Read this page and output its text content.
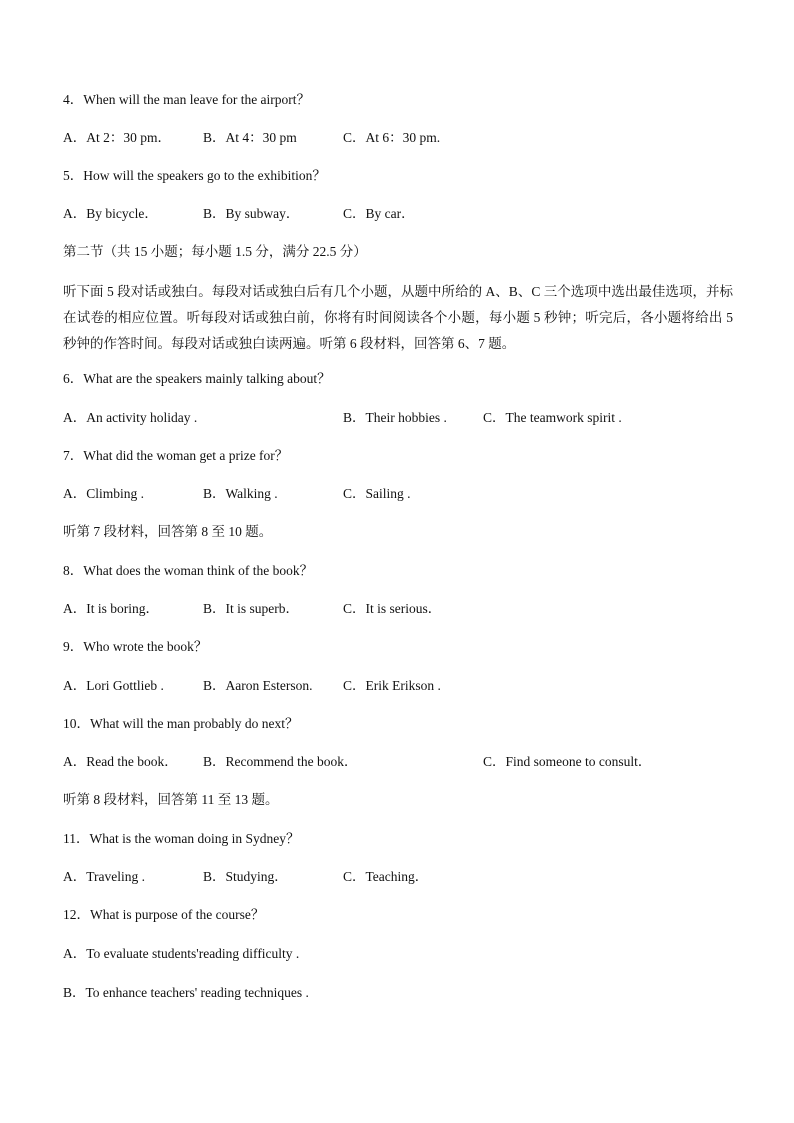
4．When will the man leave for the airport？
A．At 2：30 pm． B．At 4：30 pm	C．At 6：30 pm.
5．How will the speakers go to the exhibition？
A．By bicycle．	B．By subway．	C．By car．
第二节（共 15 小题；每小题 1.5 分，满分 22.5 分）
听下面 5 段对话或独白。每段对话或独白后有几个小题，从题中所给的 A、B、C 三个选项中选出最佳选项，并标在试卷的相应位置。听每段对话或独白前，你将有时间阅读各个小题，每小题 5 秒钟；听完后，各小题将给出 5 秒钟的作答时间。每段对话或独白读两遍。听第 6 段材料，回答第 6、7 题。
6．What are the speakers mainly talking about？
A．An activity holiday .	B．Their hobbies .	C．The teamwork spirit .
7．What did the woman get a prize for？
A．Climbing .	B．Walking .	C．Sailing .
听第 7 段材料，回答第 8 至 10 题。
8．What does the woman think of the book？
A．It is boring．	B．It is superb．	C．It is serious．
9．Who wrote the book？
A．Lori Gottlieb .	B．Aaron Esterson. C．Erik Erikson .
10．What will the man probably do next？
A．Read the book． B．Recommend the book．	C．Find someone to consult．
听第 8 段材料，回答第 11 至 13 题。
11．What is the woman doing in Sydney？
A．Traveling .	B．Studying．	C．Teaching．
12．What is purpose of the course？
A．To evaluate students'reading difficulty .
B．To enhance teachers' reading techniques .
